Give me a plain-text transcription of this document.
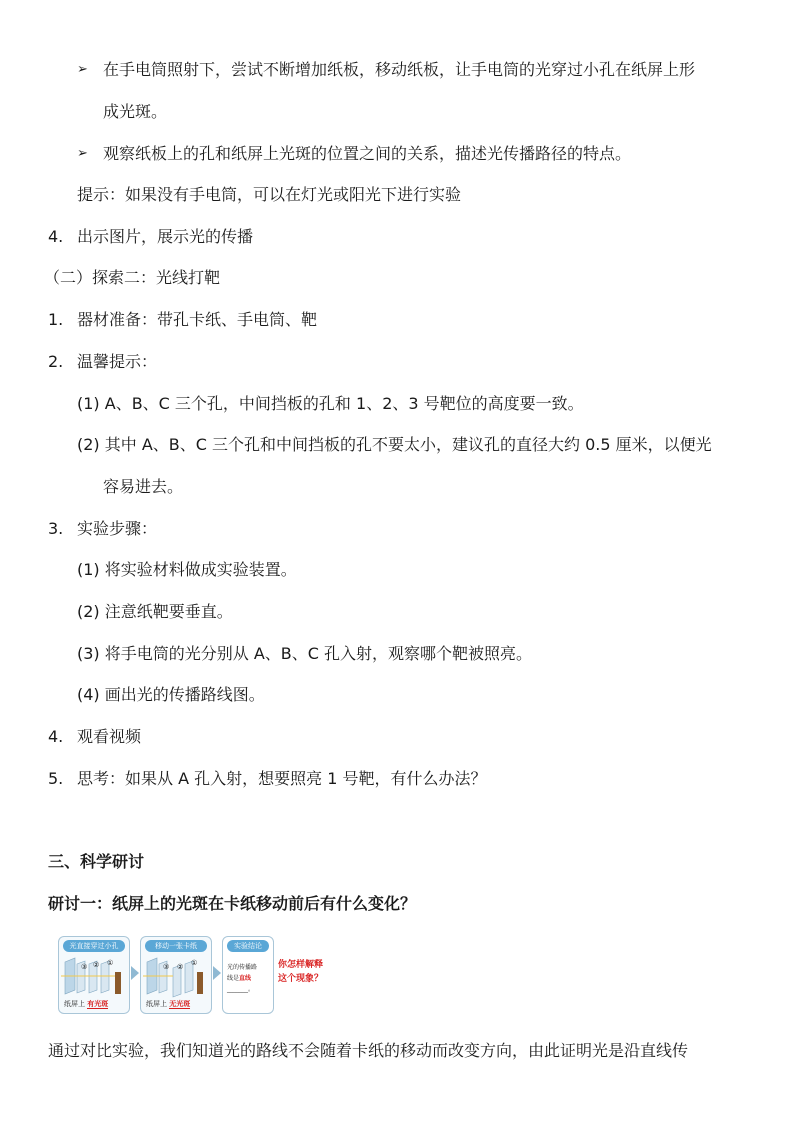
➢ 在手电筒照射下，尝试不断增加纸板，移动纸板，让手电筒的光穿过小孔在纸屏上形
成光斑。
➢ 观察纸板上的孔和纸屏上光斑的位置之间的关系，描述光传播路径的特点。
提示：如果没有手电筒，可以在灯光或阳光下进行实验
4. 出示图片，展示光的传播
（二）探索二：光线打靶
1. 器材准备：带孔卡纸、手电筒、靶
2. 温馨提示：
(1) A、B、C 三个孔，中间挡板的孔和 1、2、3 号靶位的高度要一致。
(2) 其中 A、B、C 三个孔和中间挡板的孔不要太小，建议孔的直径大约 0.5 厘米，以便光
容易进去。
3. 实验步骤：
(1) 将实验材料做成实验装置。
(2) 注意纸靶要垂直。
(3) 将手电筒的光分别从 A、B、C 孔入射，观察哪个靶被照亮。
(4) 画出光的传播路线图。
4. 观看视频
5. 思考：如果从 A 孔入射，想要照亮 1 号靶，有什么办法？
三、科学研讨
研讨一：纸屏上的光斑在卡纸移动前后有什么变化？
光直接穿过小孔
①
②
③
纸屏上 有光斑
移动一张卡纸
①
②
③
纸屏上 无光斑
实验结论
光的传播路
线是直线
_______。
你怎样解释
这个现象？
通过对比实验，我们知道光的路线不会随着卡纸的移动而改变方向，由此证明光是沿直线传
